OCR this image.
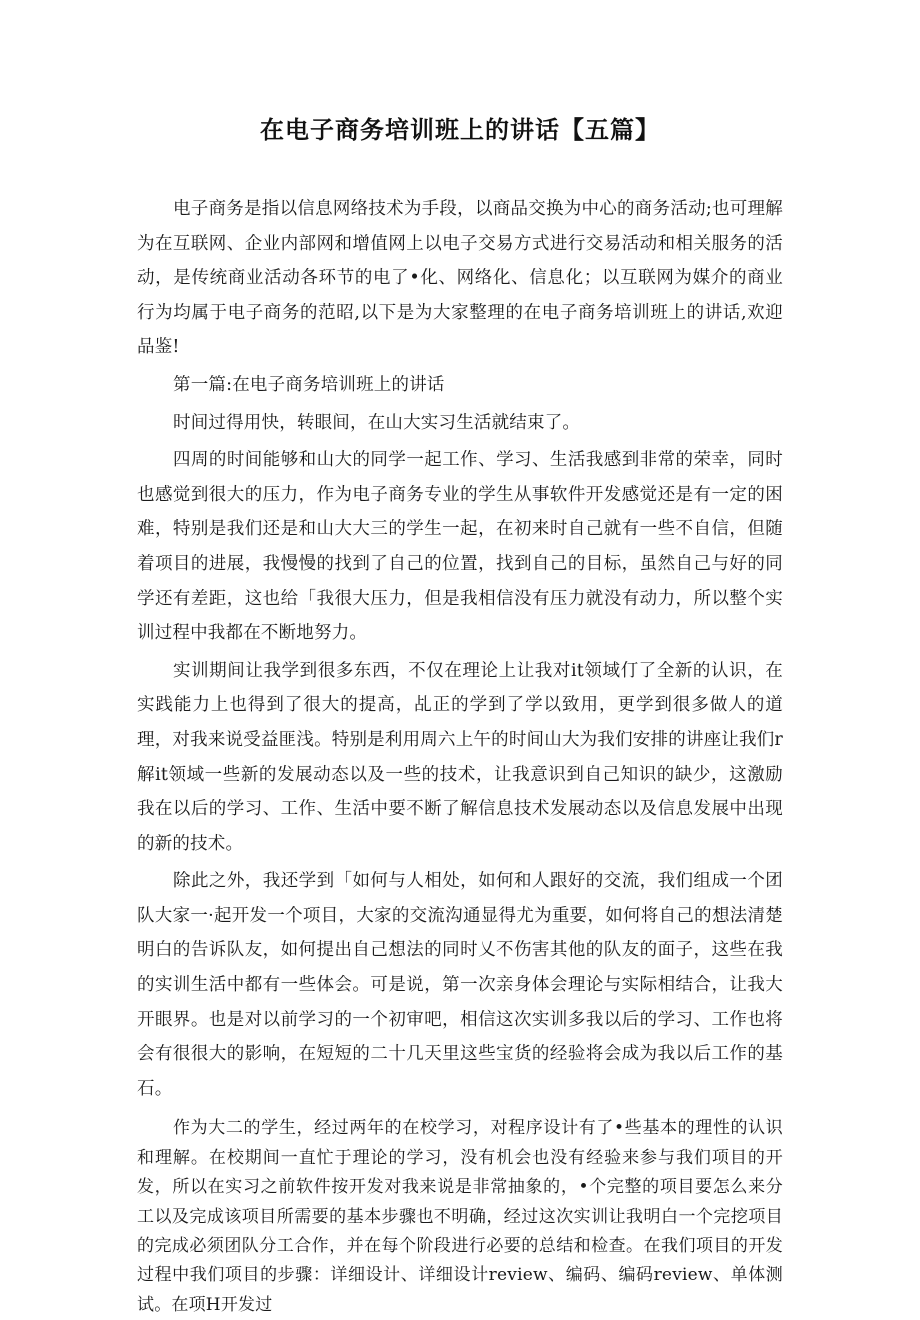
在电子商务培训班上的讲话【五篇】

电子商务是指以信息网络技术为手段，以商品交换为中心的商务活动;也可理解为在互联网、企业内部网和增值网上以电子交易方式进行交易活动和相关服务的活动，是传统商业活动各环节的电了•化、网络化、信息化；以互联网为媒介的商业行为均属于电子商务的范昭,以下是为大家整理的在电子商务培训班上的讲话,欢迎品鉴!

第一篇:在电子商务培训班上的讲话

时间过得用快，转眼间，在山大实习生活就结束了。

四周的时间能够和山大的同学一起工作、学习、生活我感到非常的荣幸，同时也感觉到很大的压力，作为电子商务专业的学生从事软件开发感觉还是有一定的困难，特别是我们还是和山大大三的学生一起，在初来时自己就有一些不自信，但随着项目的进展，我慢慢的找到了自己的位置，找到自己的目标，虽然自己与好的同学还有差距，这也给「我很大压力，但是我相信没有压力就没有动力，所以整个实训过程中我都在不断地努力。

实训期间让我学到很多东西，不仅在理论上让我对it领域仃了全新的认识，在实践能力上也得到了很大的提高，乩正的学到了学以致用，更学到很多做人的道理，对我来说受益匪浅。特别是利用周六上午的时间山大为我们安排的讲座让我们r解it领域一些新的发展动态以及一些的技术，让我意识到自己知识的缺少，这激励我在以后的学习、工作、生活中要不断了解信息技术发展动态以及信息发展中出现的新的技术。

除此之外，我还学到「如何与人相处，如何和人跟好的交流，我们组成一个团队大家一·起开发一个项目，大家的交流沟通显得尤为重要，如何将自己的想法清楚明白的告诉队友，如何提出自己想法的同时乂不伤害其他的队友的面子，这些在我的实训生活中都有一些体会。可是说，第一次亲身体会理论与实际相结合，让我大开眼界。也是对以前学习的一个初审吧，相信这次实训多我以后的学习、工作也将会有很很大的影响，在短短的二十几天里这些宝货的经验将会成为我以后工作的基石。

作为大二的学生，经过两年的在校学习，对程序设计有了•些基本的理性的认识和理解。在校期间一直忙于理论的学习，没有机会也没有经验来参与我们项目的开发，所以在实习之前软件按开发对我来说是非常抽象的，•个完整的项目要怎么来分工以及完成该项目所需要的基本步骤也不明确，经过这次实训让我明白一个完挖项目的完成必须团队分工合作，并在每个阶段进行必要的总结和检查。在我们项目的开发过程中我们项目的步骤：详细设计、详细设计review、编码、编码review、单体测试。在项H开发过
